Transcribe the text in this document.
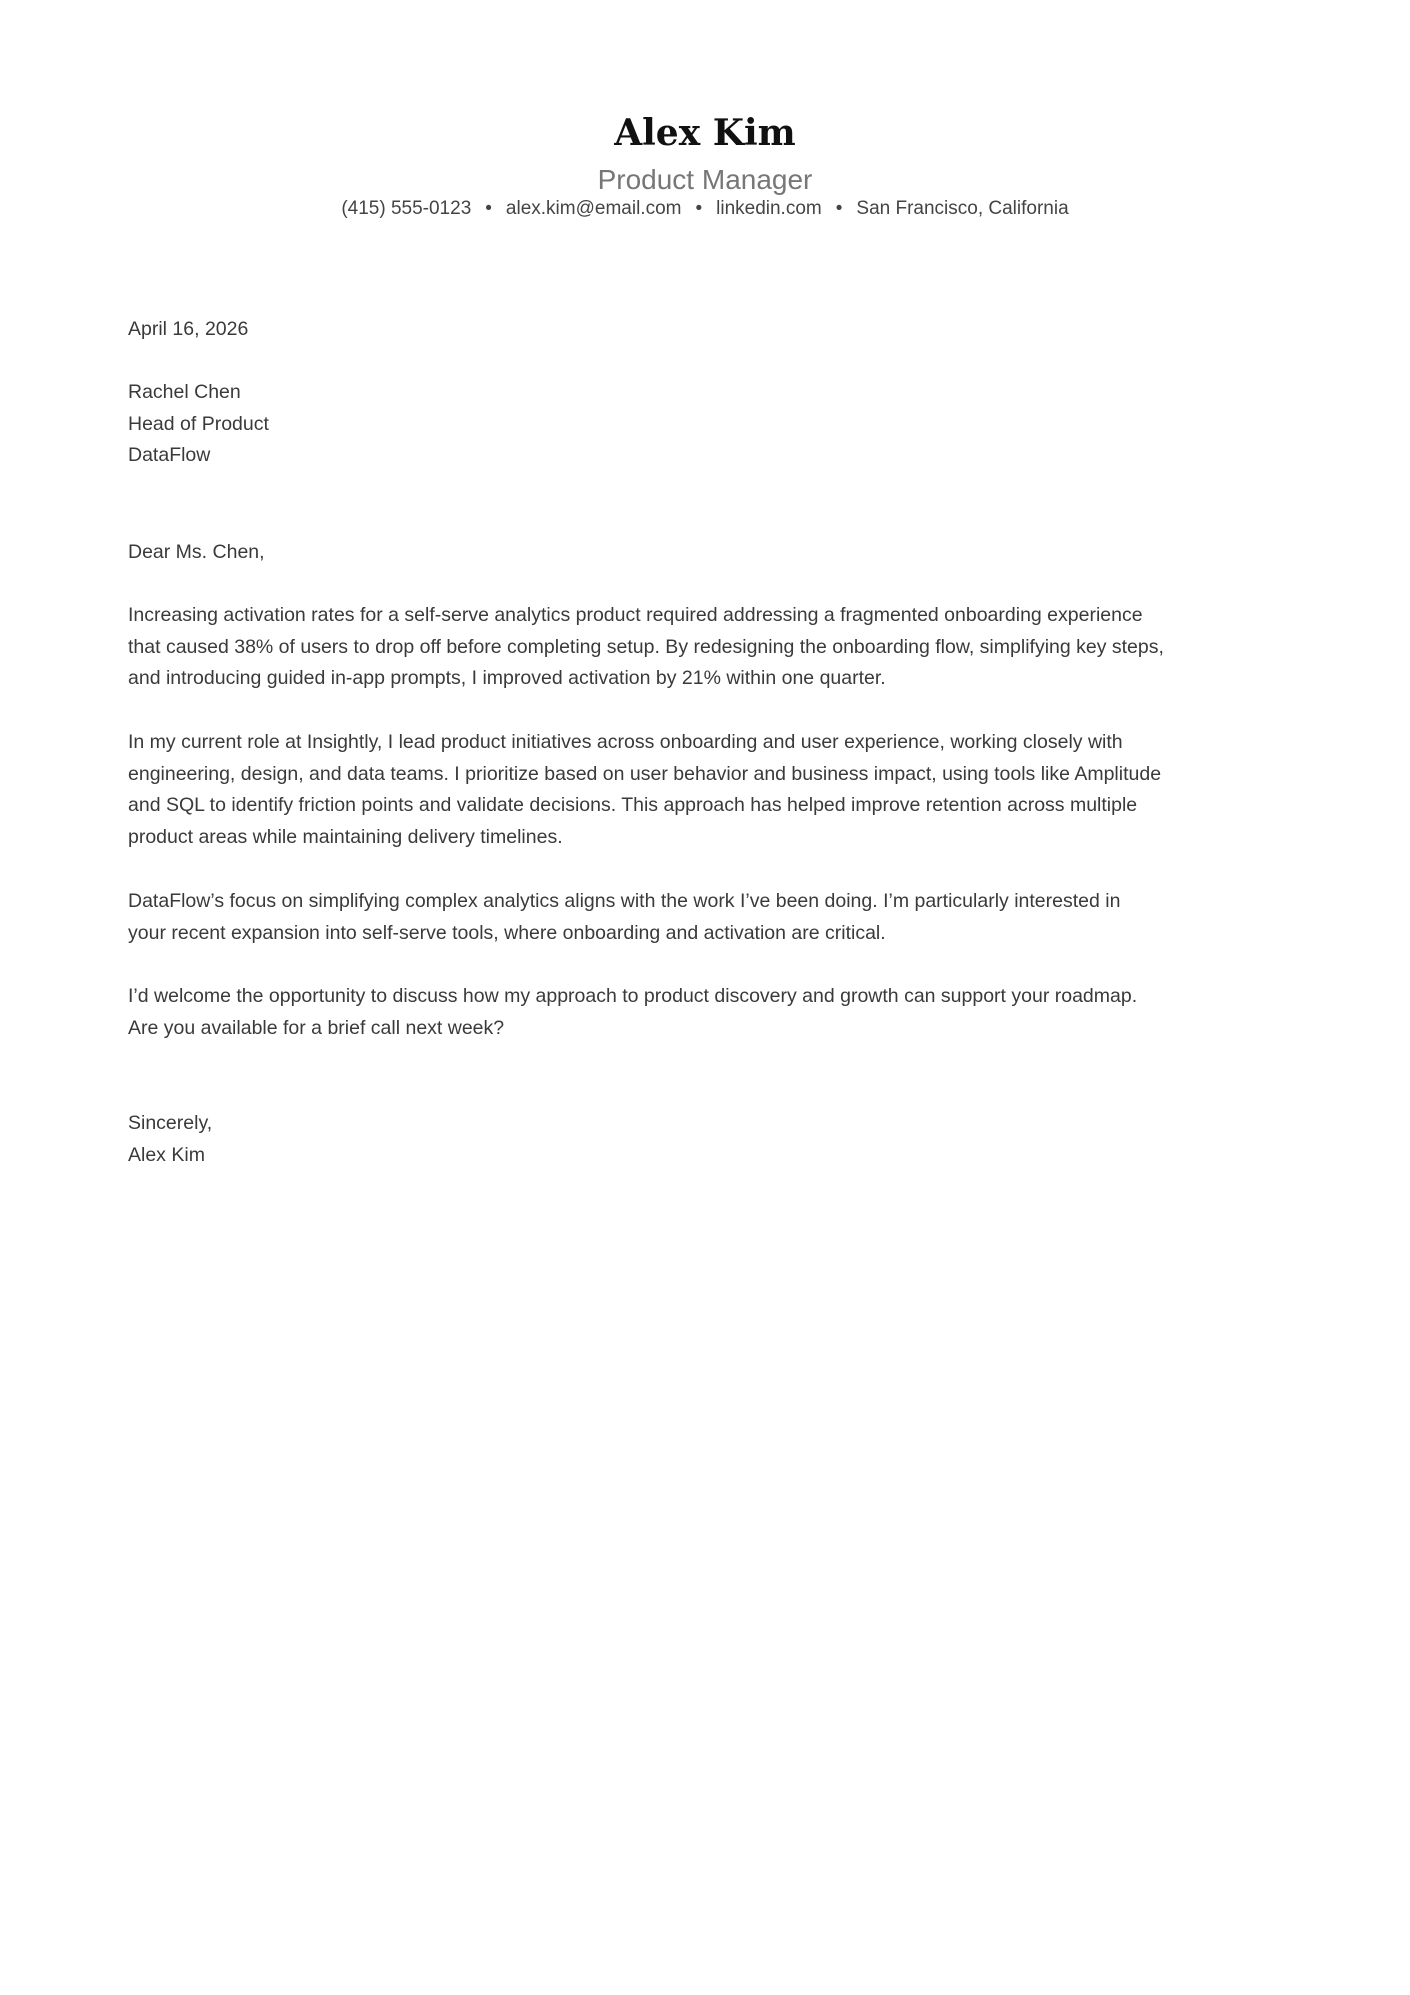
Alex Kim
Product Manager
(415) 555-0123 • alex.kim@email.com • linkedin.com • San Francisco, California
April 16, 2026
Rachel Chen
Head of Product
DataFlow
Dear Ms. Chen,
Increasing activation rates for a self-serve analytics product required addressing a fragmented onboarding experience
that caused 38% of users to drop off before completing setup. By redesigning the onboarding flow, simplifying key steps,
and introducing guided in-app prompts, I improved activation by 21% within one quarter.
In my current role at Insightly, I lead product initiatives across onboarding and user experience, working closely with
engineering, design, and data teams. I prioritize based on user behavior and business impact, using tools like Amplitude
and SQL to identify friction points and validate decisions. This approach has helped improve retention across multiple
product areas while maintaining delivery timelines.
DataFlow’s focus on simplifying complex analytics aligns with the work I’ve been doing. I’m particularly interested in
your recent expansion into self-serve tools, where onboarding and activation are critical.
I’d welcome the opportunity to discuss how my approach to product discovery and growth can support your roadmap.
Are you available for a brief call next week?
Sincerely,
Alex Kim
